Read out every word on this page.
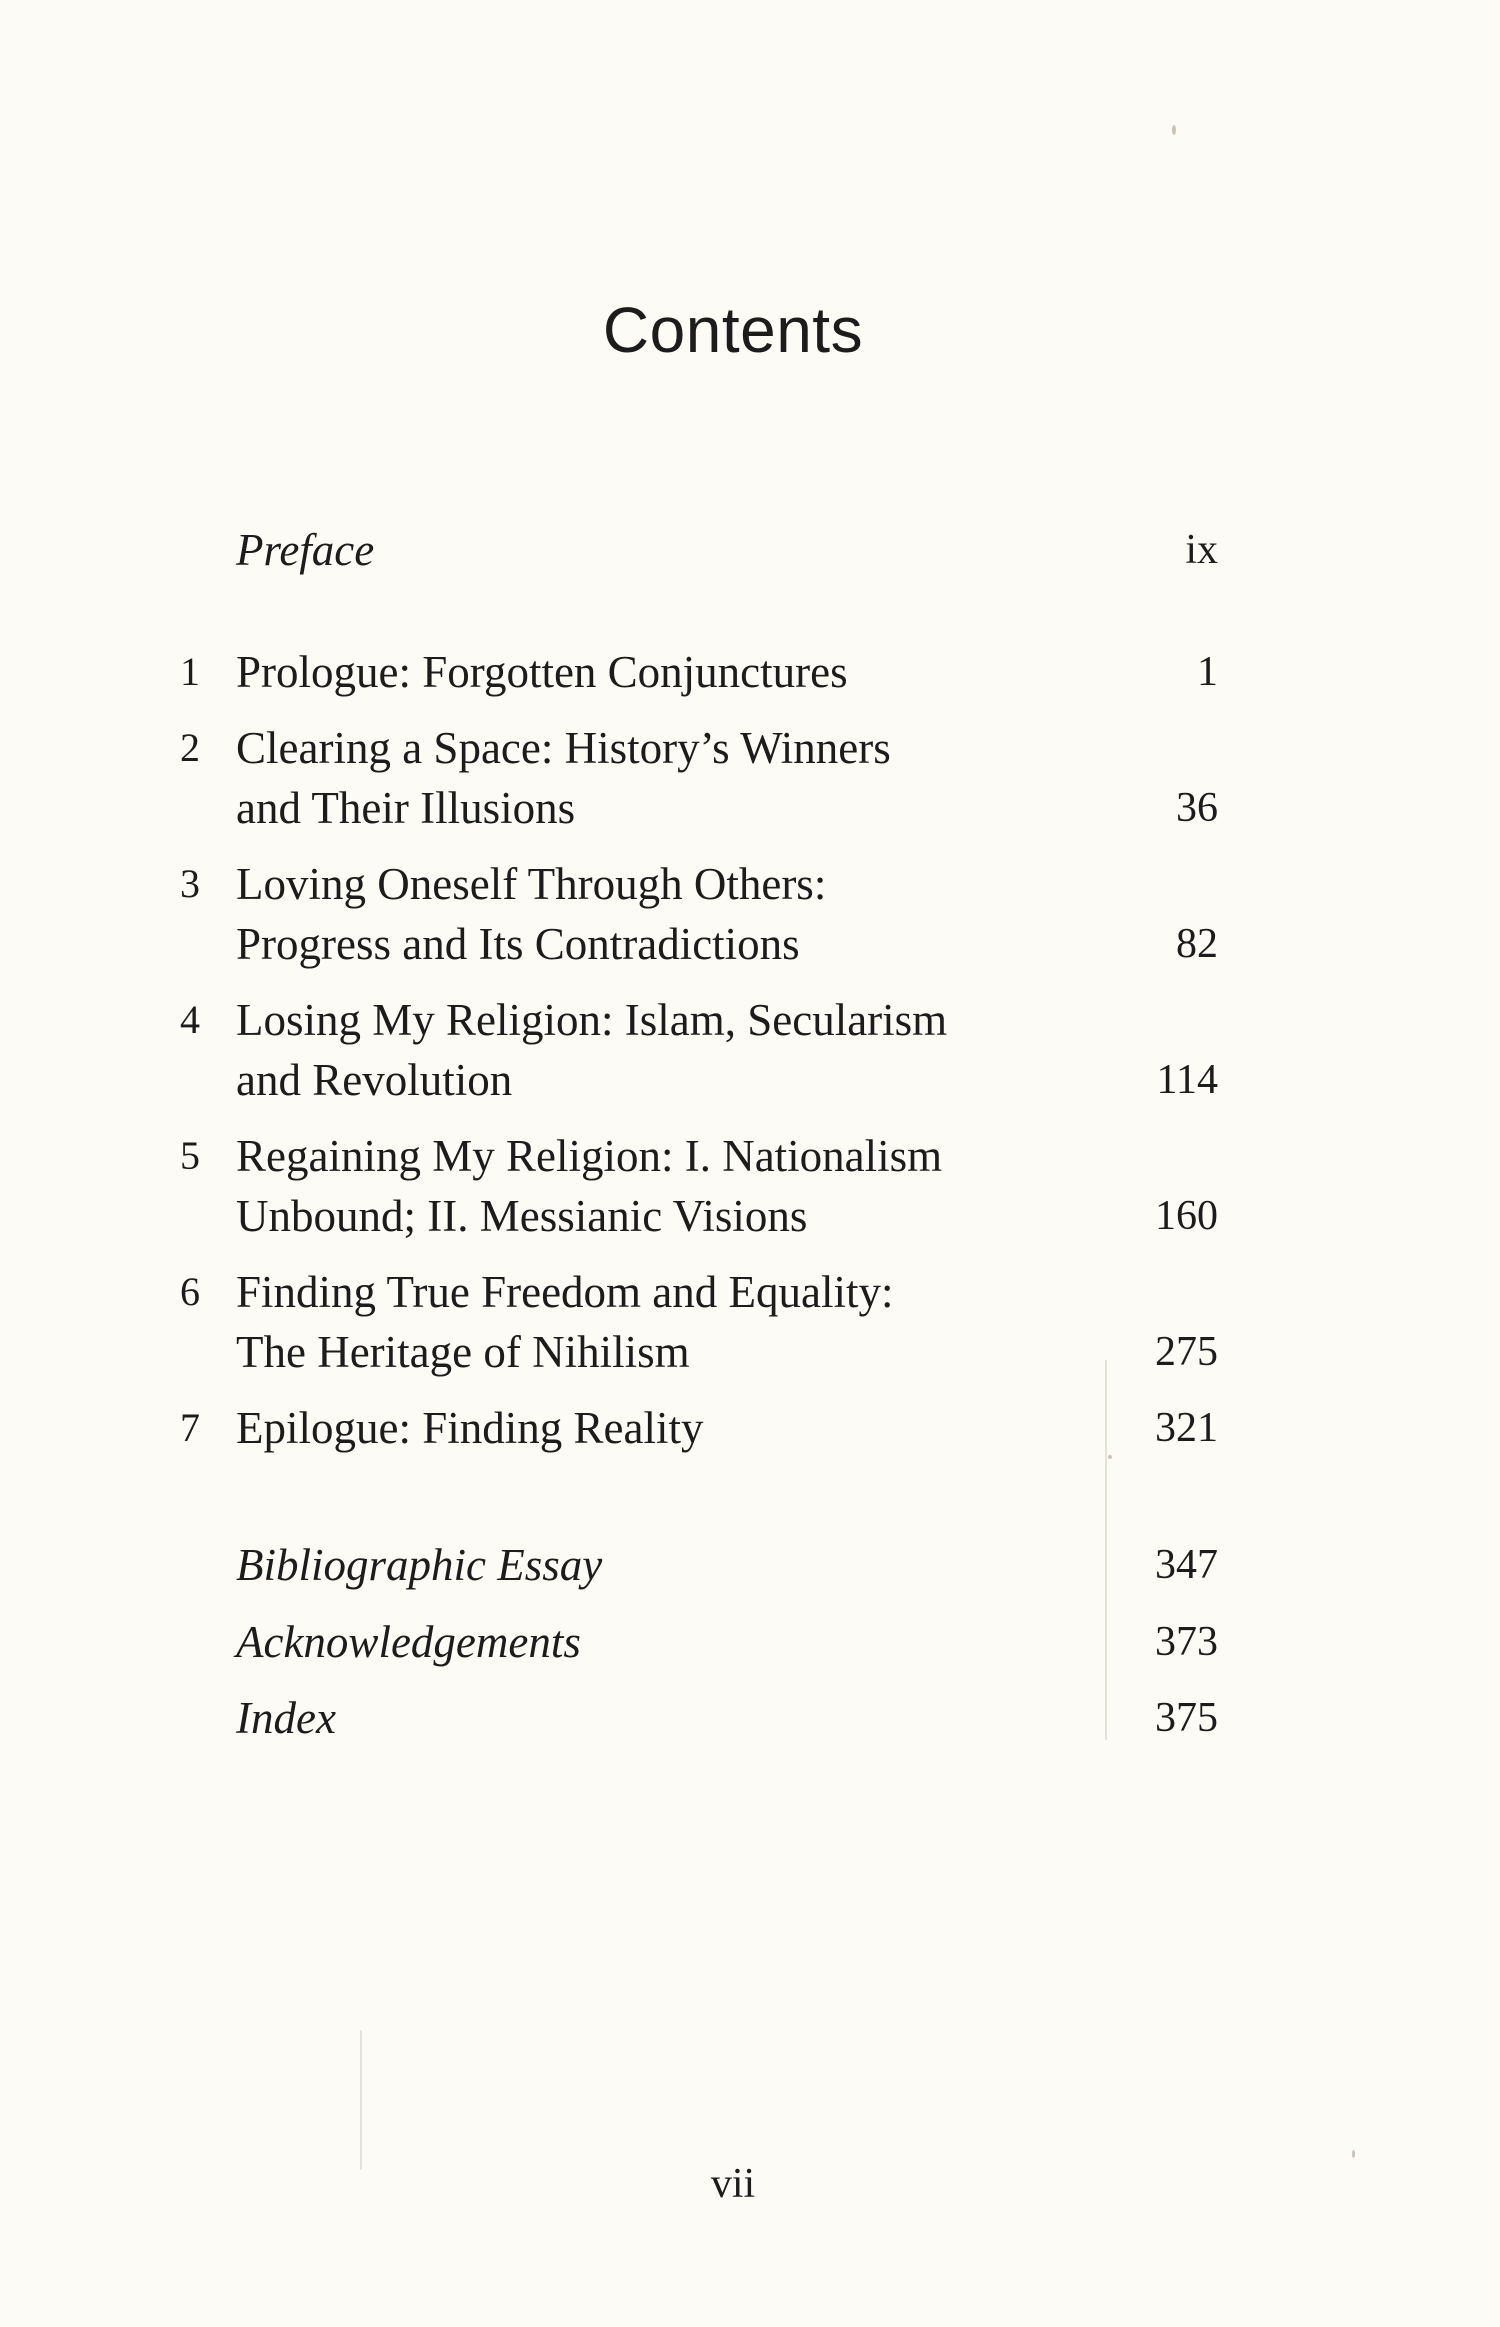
Contents
Preface	ix
1 Prologue: Forgotten Conjunctures	1
2 Clearing a Space: History’s Winners
and Their Illusions	36
3 Loving Oneself Through Others:
Progress and Its Contradictions	82
4 Losing My Religion: Islam, Secularism
and Revolution	114
5 Regaining My Religion: I. Nationalism
Unbound; II. Messianic Visions	160
6 Finding True Freedom and Equality:
The Heritage of Nihilism	275
7 Epilogue: Finding Reality	321
Bibliographic Essay	347
Acknowledgements	373
Index	375
vii
